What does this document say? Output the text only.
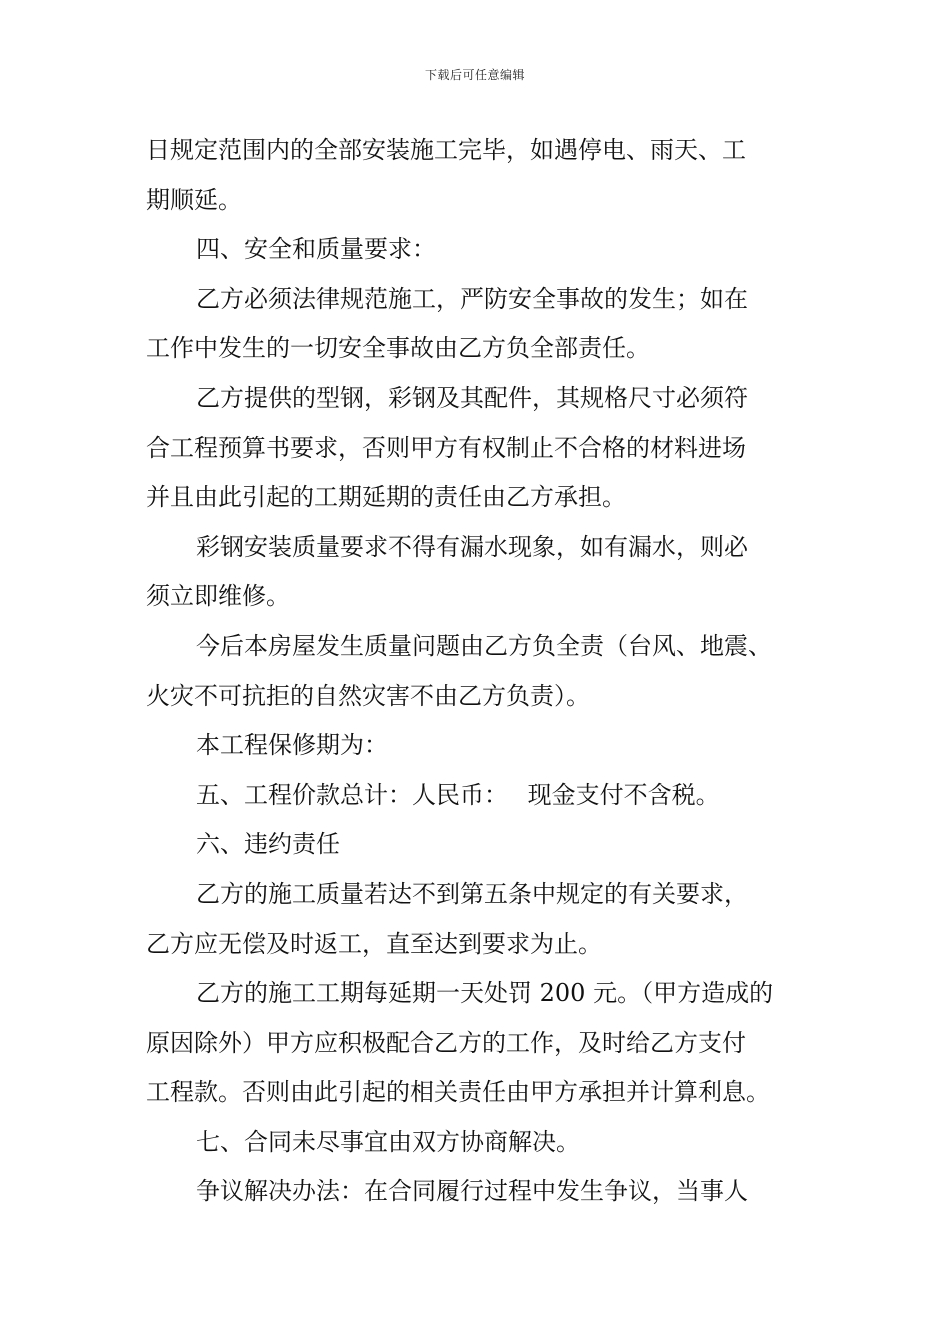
下载后可任意编辑
日规定范围内的全部安装施工完毕，如遇停电、雨天、工
期顺延。
四、安全和质量要求：
乙方必须法律规范施工，严防安全事故的发生；如在
工作中发生的一切安全事故由乙方负全部责任。
乙方提供的型钢，彩钢及其配件，其规格尺寸必须符
合工程预算书要求，否则甲方有权制止不合格的材料进场
并且由此引起的工期延期的责任由乙方承担。
彩钢安装质量要求不得有漏水现象，如有漏水，则必
须立即维修。
今后本房屋发生质量问题由乙方负全责（台风、地震、
火灾不可抗拒的自然灾害不由乙方负责）。
本工程保修期为：
五、工程价款总计：人民币：　 现金支付不含税。
六、违约责任
乙方的施工质量若达不到第五条中规定的有关要求，
乙方应无偿及时返工，直至达到要求为止。
乙方的施工工期每延期一天处罚 200 元。（甲方造成的
原因除外）甲方应积极配合乙方的工作，及时给乙方支付
工程款。否则由此引起的相关责任由甲方承担并计算利息。
七、合同未尽事宜由双方协商解决。
争议解决办法：在合同履行过程中发生争议，当事人
